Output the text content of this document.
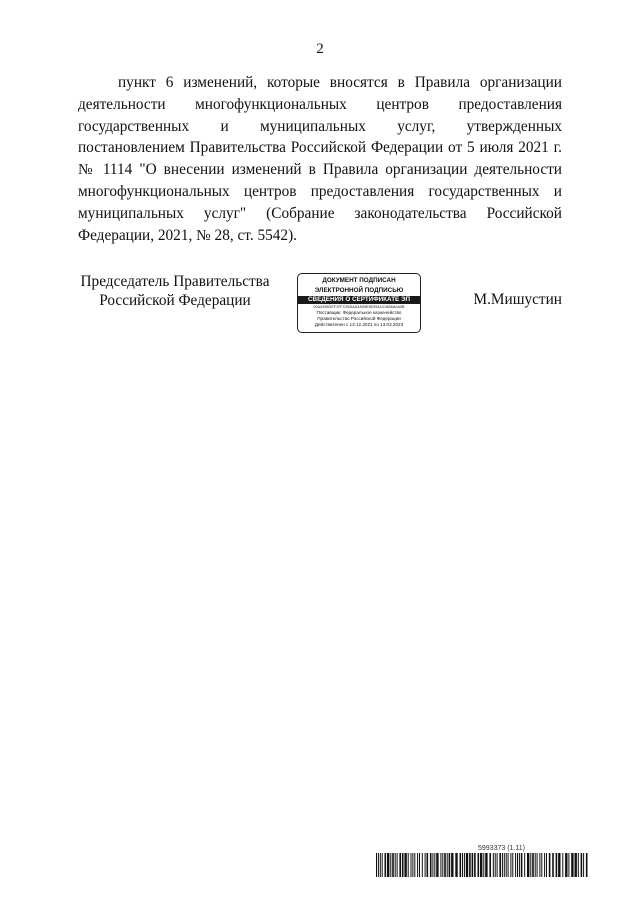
2

пункт 6 изменений, которые вносятся в Правила организации деятельности многофункциональных центров предоставления государственных и муниципальных услуг, утвержденных постановлением Правительства Российской Федерации от 5 июля 2021 г. № 1114 "О внесении изменений в Правила организации деятельности многофункциональных центров предоставления государственных и муниципальных услуг" (Собрание законодательства Российской Федерации, 2021, № 28, ст. 5542).

Председатель Правительства
Российской Федерации
ДОКУМЕНТ ПОДПИСАН
ЭЛЕКТРОННОЙ ПОДПИСЬЮ
СВЕДЕНИЯ О СЕРТИФИКАТЕ ЭП
00A4399DEF1FFC95DAA3A59E5E99A1016B6A0A0B
Поставщик: Федеральное казначейство
Правительство Российской Федерации
Действителен с 13.12.2021 по 13.03.2023
М.Мишустин
5993373 (1.11)
